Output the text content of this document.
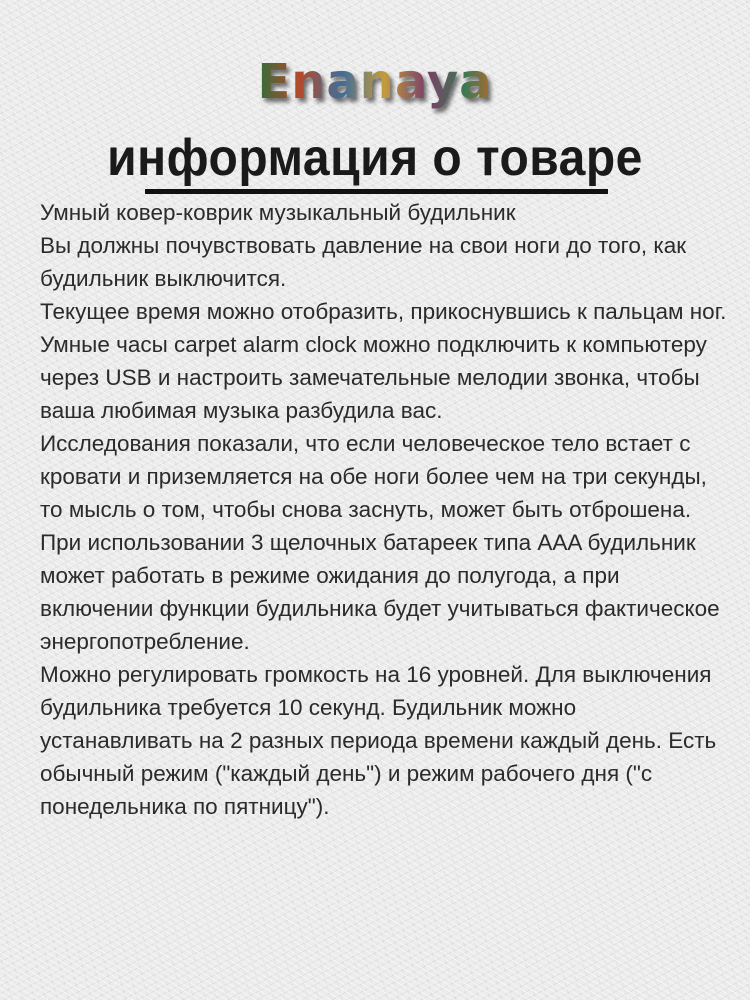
Enanaya
информация о товаре

Умный ковер-коврик музыкальный будильник

Вы должны почувствовать давление на свои ноги до того, как будильник выключится.

Текущее время можно отобразить, прикоснувшись к пальцам ног.

Умные часы carpet alarm clock можно подключить к компьютеру через USB и настроить замечательные мелодии звонка, чтобы ваша любимая музыка разбудила вас.

Исследования показали, что если человеческое тело встает с кровати и приземляется на обе ноги более чем на три секунды, то мысль о том, чтобы снова заснуть, может быть отброшена.

При использовании 3 щелочных батареек типа AAA будильник может работать в режиме ожидания до полугода, а при включении функции будильника будет учитываться фактическое энергопотребление.

Можно регулировать громкость на 16 уровней. Для выключения будильника требуется 10 секунд. Будильник можно устанавливать на 2 разных периода времени каждый день. Есть обычный режим ("каждый день") и режим рабочего дня ("с понедельника по пятницу").
